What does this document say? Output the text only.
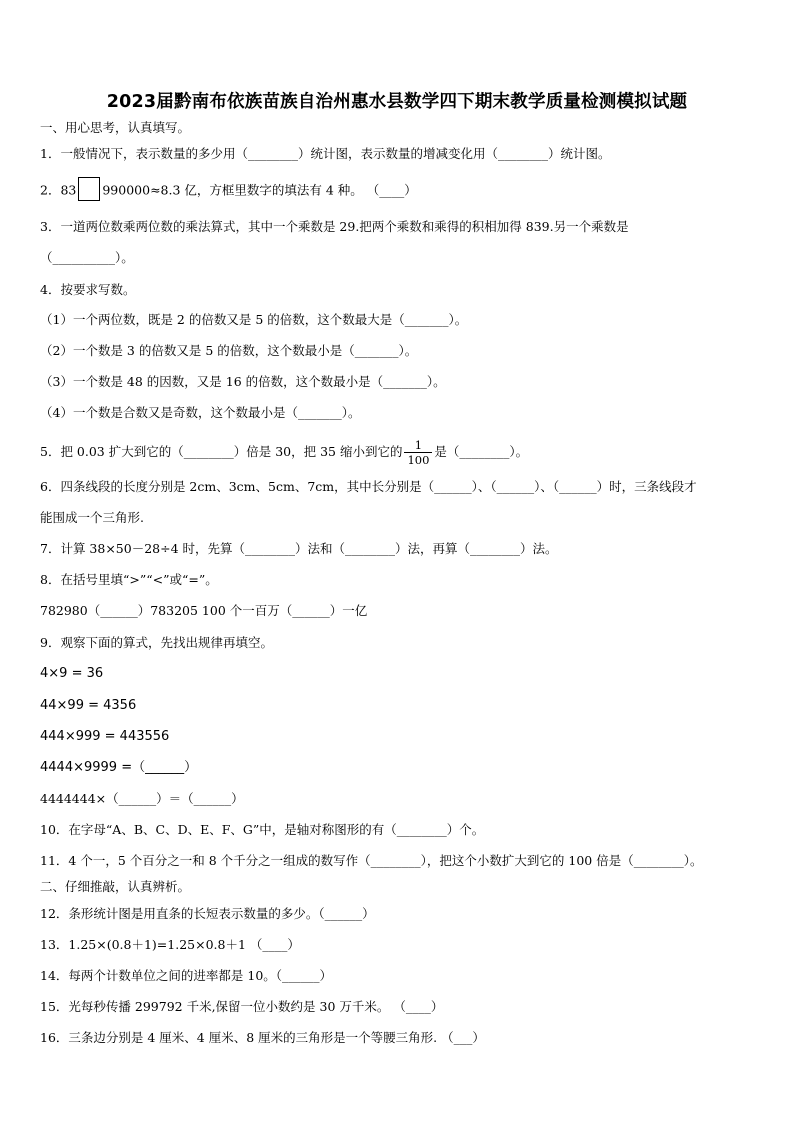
2023届黔南布依族苗族自治州惠水县数学四下期末教学质量检测模拟试题
一、用心思考，认真填写。
1．一般情况下，表示数量的多少用（________）统计图，表示数量的增减变化用（________）统计图。
2．83 990000≈8.3 亿，方框里数字的填法有 4 种。 （____）
3．一道两位数乘两位数的乘法算式，其中一个乘数是 29.把两个乘数和乘得的积相加得 839.另一个乘数是
（__________）。
4．按要求写数。
（1）一个两位数，既是 2 的倍数又是 5 的倍数，这个数最大是（_______）。
（2）一个数是 3 的倍数又是 5 的倍数，这个数最小是（_______）。
（3）一个数是 48 的因数，又是 16 的倍数，这个数最小是（_______）。
（4）一个数是合数又是奇数，这个数最小是（_______）。
5．把 0.03 扩大到它的（________）倍是 30，把 35 缩小到它的 $\frac{1}{100}$ 是（________）。
6．四条线段的长度分别是 2cm、3cm、5cm、7cm，其中长分别是（______）、（______）、（______）时，三条线段才
能围成一个三角形.
7．计算 38×50－28÷4 时，先算（________）法和（________）法，再算（________）法。
8．在括号里填“>”“<”或“=”。
782980（______）783205 100 个一百万（______）一亿
9．观察下面的算式，先找出规律再填空。
4×9 = 36
44×99 = 4356
444×999 = 443556
4444×9999 =（______）
4444444×（______）＝（______）
10．在字母“A、B、C、D、E、F、G”中，是轴对称图形的有（________）个。
11．4 个一，5 个百分之一和 8 个千分之一组成的数写作（________），把这个小数扩大到它的 100 倍是（________）。
二、仔细推敲，认真辨析。
12．条形统计图是用直条的长短表示数量的多少。（______）
13．1.25×(0.8＋1)=1.25×0.8＋1 （____）
14．每两个计数单位之间的进率都是 10。（______）
15．光每秒传播 299792 千米,保留一位小数约是 30 万千米。 （____）
16．三条边分别是 4 厘米、4 厘米、8 厘米的三角形是一个等腰三角形. （___）
